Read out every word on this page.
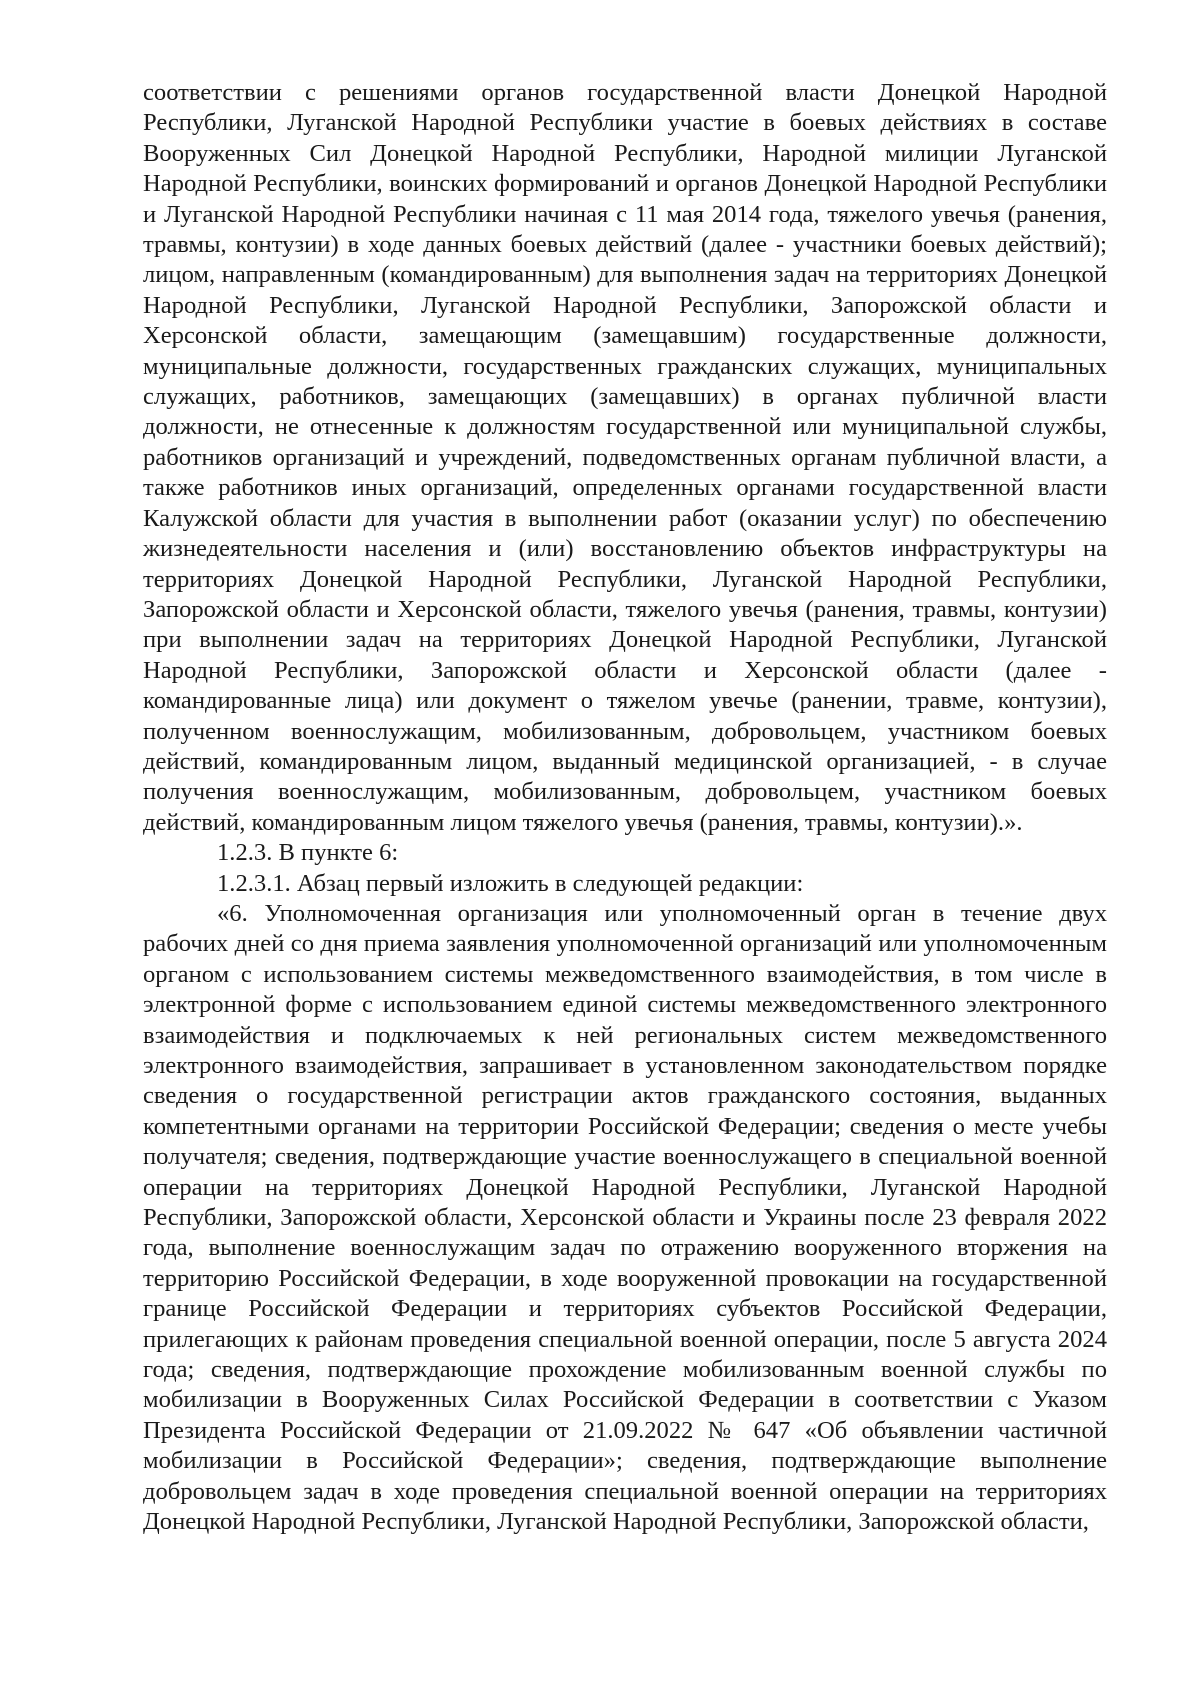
соответствии с решениями органов государственной власти Донецкой Народной Республики, Луганской Народной Республики участие в боевых действиях в составе Вооруженных Сил Донецкой Народной Республики, Народной милиции Луганской Народной Республики, воинских формирований и органов Донецкой Народной Республики и Луганской Народной Республики начиная с 11 мая 2014 года, тяжелого увечья (ранения, травмы, контузии) в ходе данных боевых действий (далее - участники боевых действий); лицом, направленным (командированным) для выполнения задач на территориях Донецкой Народной Республики, Луганской Народной Республики, Запорожской области и Херсонской области, замещающим (замещавшим) государственные должности, муниципальные должности, государственных гражданских служащих, муниципальных служащих, работников, замещающих (замещавших) в органах публичной власти должности, не отнесенные к должностям государственной или муниципальной службы, работников организаций и учреждений, подведомственных органам публичной власти, а также работников иных организаций, определенных органами государственной власти Калужской области для участия в выполнении работ (оказании услуг) по обеспечению жизнедеятельности населения и (или) восстановлению объектов инфраструктуры на территориях Донецкой Народной Республики, Луганской Народной Республики, Запорожской области и Херсонской области, тяжелого увечья (ранения, травмы, контузии) при выполнении задач на территориях Донецкой Народной Республики, Луганской Народной Республики, Запорожской области и Херсонской области (далее - командированные лица) или документ о тяжелом увечье (ранении, травме, контузии), полученном военнослужащим, мобилизованным, добровольцем, участником боевых действий, командированным лицом, выданный медицинской организацией, - в случае получения военнослужащим, мобилизованным, добровольцем, участником боевых действий, командированным лицом тяжелого увечья (ранения, травмы, контузии).».

1.2.3. В пункте 6:

1.2.3.1. Абзац первый изложить в следующей редакции:

«6. Уполномоченная организация или уполномоченный орган в течение двух рабочих дней со дня приема заявления уполномоченной организаций или уполномоченным органом с использованием системы межведомственного взаимодействия, в том числе в электронной форме с использованием единой системы межведомственного электронного взаимодействия и подключаемых к ней региональных систем межведомственного электронного взаимодействия, запрашивает в установленном законодательством порядке сведения о государственной регистрации актов гражданского состояния, выданных компетентными органами на территории Российской Федерации; сведения о месте учебы получателя; сведения, подтверждающие участие военнослужащего в специальной военной операции на территориях Донецкой Народной Республики, Луганской Народной Республики, Запорожской области, Херсонской области и Украины после 23 февраля 2022 года, выполнение военнослужащим задач по отражению вооруженного вторжения на территорию Российской Федерации, в ходе вооруженной провокации на государственной границе Российской Федерации и территориях субъектов Российской Федерации, прилегающих к районам проведения специальной военной операции, после 5 августа 2024 года; сведения, подтверждающие прохождение мобилизованным военной службы по мобилизации в Вооруженных Силах Российской Федерации в соответствии с Указом Президента Российской Федерации от 21.09.2022 № 647 «Об объявлении частичной мобилизации в Российской Федерации»; сведения, подтверждающие выполнение добровольцем задач в ходе проведения специальной военной операции на территориях Донецкой Народной Республики, Луганской Народной Республики, Запорожской области,
